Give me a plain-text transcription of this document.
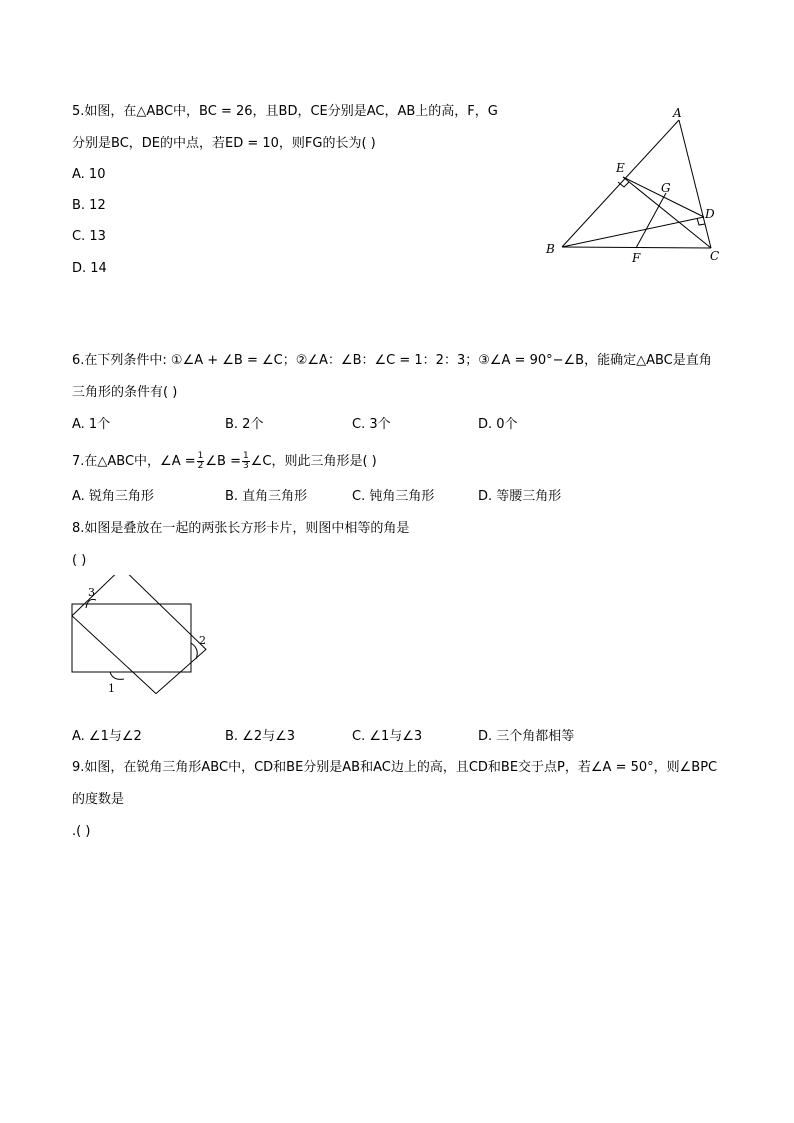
5.如图，在△ABC中，BC = 26，且BD，CE分别是AC，AB上的高，F，G
分别是BC，DE的中点，若ED = 10，则FG的长为( )
A. 10
B. 12
C. 13
D. 14
A
B	C
D
E
F
G
6.在下列条件中: ①∠A + ∠B = ∠C；②∠A：∠B：∠C = 1：2：3；③∠A = 90°−∠B，能确定△ABC是直角
三角形的条件有( )
A. 1个	B. 2个	C. 3个	D. 0个
7.在△ABC中，∠A = $\frac{1}{2}$ ∠B = $\frac{1}{3}$ ∠C，则此三角形是( )
A. 锐角三角形	B. 直角三角形	C. 钝角三角形	D. 等腰三角形
8.如图是叠放在一起的两张长方形卡片，则图中相等的角是
( )
3
2
1
A. ∠1与∠2	B. ∠2与∠3	C. ∠1与∠3	D. 三个角都相等
9.如图，在锐角三角形ABC中，CD和BE分别是AB和AC边上的高，且CD和BE交于点P，若∠A = 50°，则∠BPC
的度数是
.( )
